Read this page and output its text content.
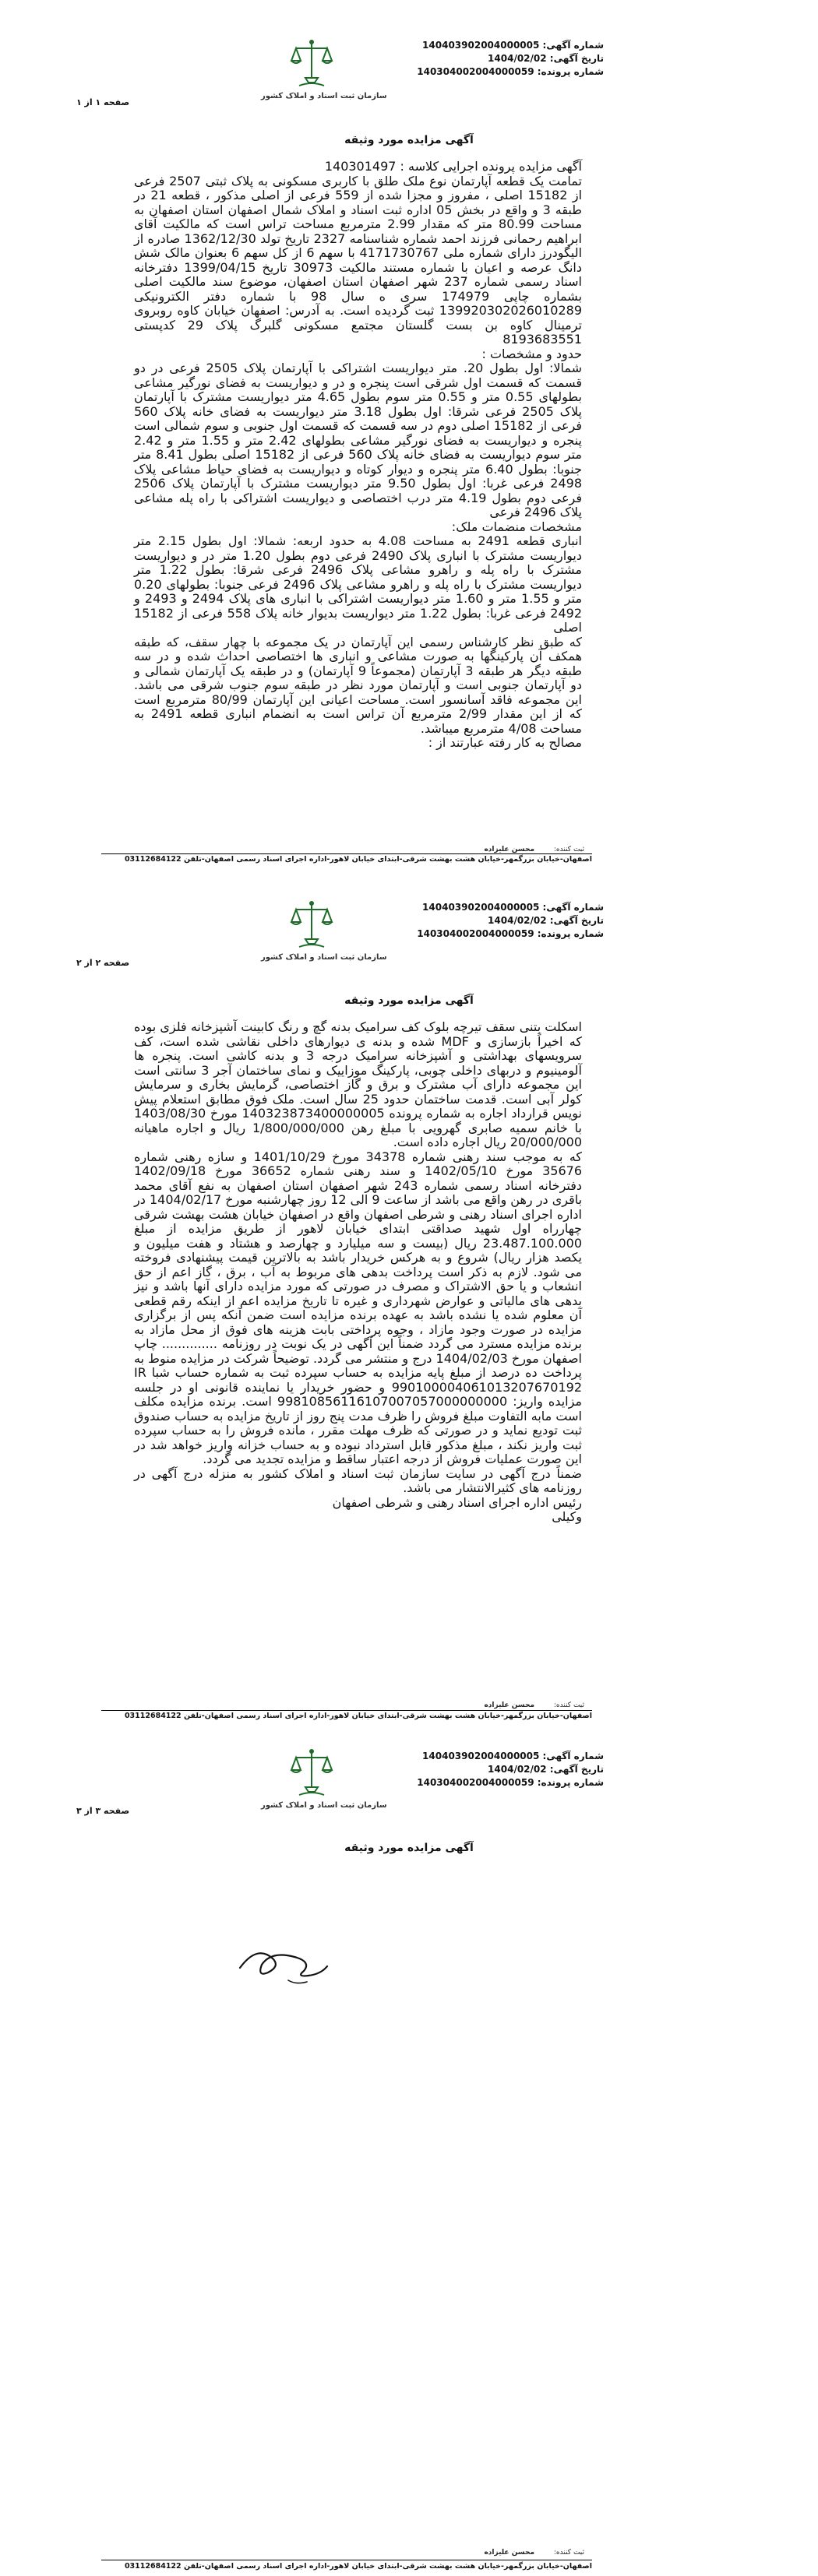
شماره آگهی: 140403902004000005
تاریخ آگهی: 1404/02/02
شماره پرونده: 140304002004000059
سازمان ثبت اسناد و املاک کشور
صفحه ۱ از ۱
آگهی مزایده مورد وثیقه

آگهی مزایده پرونده اجرایی کلاسه : 140301497

تمامت یک قطعه آپارتمان نوع ملک طلق با کاربری مسکونی به پلاک ثبتی 2507 فرعی از 15182 اصلی ، مفروز و مجزا شده از 559 فرعی از اصلی مذکور ، قطعه 21 در طبقه 3 و واقع در بخش 05 اداره ثبت اسناد و املاک شمال اصفهان استان اصفهان به مساحت 80.99 متر که مقدار 2.99 مترمربع مساحت تراس است که مالکیت آقای ابراهیم رحمانی فرزند احمد شماره شناسنامه 2327 تاریخ تولد 1362/12/30 صادره از الیگودرز دارای شماره ملی 4171730767 با سهم 6 از کل سهم 6 بعنوان مالک شش دانگ عرصه و اعیان با شماره مستند مالکیت 30973 تاریخ 1399/04/15 دفترخانه اسناد رسمی شماره 237 شهر اصفهان استان اصفهان، موضوع سند مالکیت اصلی بشماره چاپی 174979 سری ه سال 98 با شماره دفتر الکترونیکی 139920302026010289 ثبت گردیده است. به آدرس: اصفهان خیابان کاوه روبروی ترمینال کاوه بن بست گلستان مجتمع مسکونی گلبرگ پلاک 29 کدپستی 8193683551

حدود و مشخصات :

شمالا: اول بطول 20. متر دیواریست اشتراکی با آپارتمان پلاک 2505 فرعی در دو قسمت که قسمت اول شرقی است پنجره و در و دیواریست به فضای نورگیر مشاعی بطولهای 0.55 متر و 0.55 متر سوم بطول 4.65 متر دیواریست مشترک با آپارتمان پلاک 2505 فرعی شرقا: اول بطول 3.18 متر دیواریست به فضای خانه پلاک 560 فرعی از 15182 اصلی دوم در سه قسمت که قسمت اول جنوبی و سوم شمالی است پنجره و دیواریست به فضای نورگیر مشاعی بطولهای 2.42 متر و 1.55 متر و 2.42 متر سوم دیواریست به فضای خانه پلاک 560 فرعی از 15182 اصلی بطول 8.41 متر جنوبا: بطول 6.40 متر پنجره و دیوار کوتاه و دیواریست به فضای حیاط مشاعی پلاک 2498 فرعی غربا: اول بطول 9.50 متر دیواریست مشترک با آپارتمان پلاک 2506 فرعی دوم بطول 4.19 متر درب اختصاصی و دیواریست اشتراکی با راه پله مشاعی پلاک 2496 فرعی

مشخصات منضمات ملک:

انباری قطعه 2491 به مساحت 4.08 به حدود اربعه: شمالا: اول بطول 2.15 متر دیواریست مشترک با انباری پلاک 2490 فرعی دوم بطول 1.20 متر در و دیواریست مشترک با راه پله و راهرو مشاعی پلاک 2496 فرعی شرقا: بطول 1.22 متر دیواریست مشترک با راه پله و راهرو مشاعی پلاک 2496 فرعی جنوبا: بطولهای 0.20 متر و 1.55 متر و 1.60 متر دیواریست اشتراکی با انباری های پلاک 2494 و 2493 و 2492 فرعی غربا: بطول 1.22 متر دیواریست بدیوار خانه پلاک 558 فرعی از 15182 اصلی

که طبق نظر کارشناس رسمی این آپارتمان در یک مجموعه با چهار سقف، که طبقه همکف آن پارکینگها به صورت مشاعی و انباری ها اختصاصی احداث شده و در سه طبقه دیگر هر طبقه 3 آپارتمان (مجموعاً 9 آپارتمان) و در طبقه یک آپارتمان شمالی و دو آپارتمان جنوبی است و آپارتمان مورد نظر در طبقه سوم جنوب شرقی می باشد. این مجموعه فاقد آسانسور است. مساحت اعیانی این آپارتمان 80/99 مترمربع است که از این مقدار 2/99 مترمربع آن تراس است به انضمام انباری قطعه 2491 به مساحت 4/08 مترمربع میباشد.

مصالح به کار رفته عبارتند از :

ثبت کننده: محسن علیزاده
اصفهان-خیابان بزرگمهر-خیابان هشت بهشت شرقی-ابتدای خیابان لاهور-اداره اجرای اسناد رسمی اصفهان-تلفن 03112684122
شماره آگهی: 140403902004000005
تاریخ آگهی: 1404/02/02
شماره پرونده: 140304002004000059
سازمان ثبت اسناد و املاک کشور
صفحه ۲ از ۲
آگهی مزایده مورد وثیقه

اسکلت بتنی سقف تیرچه بلوک کف سرامیک بدنه گچ و رنگ کابینت آشپزخانه فلزی بوده که اخیراً بازسازی و MDF شده و بدنه ی دیوارهای داخلی نقاشی شده است، کف سرویسهای بهداشتی و آشپزخانه سرامیک درجه 3 و بدنه کاشی است. پنجره ها آلومینیوم و دربهای داخلی چوبی، پارکینگ موزاییک و نمای ساختمان آجر 3 سانتی است این مجموعه دارای آب مشترک و برق و گاز اختصاصی، گرمایش بخاری و سرمایش کولر آبی است. قدمت ساختمان حدود 25 سال است. ملک فوق مطابق استعلام پیش نویس قرارداد اجاره به شماره پرونده 140323873400000005 مورخ 1403/08/30 با خانم سمیه صابری گهرویی با مبلغ رهن 1/800/000/000 ریال و اجاره ماهیانه 20/000/000 ریال اجاره داده است.

که به موجب سند رهنی شماره 34378 مورخ 1401/10/29 و سازه رهنی شماره 35676 مورخ 1402/05/10 و سند رهنی شماره 36652 مورخ 1402/09/18 دفترخانه اسناد رسمی شماره 243 شهر اصفهان استان اصفهان به نفع آقای محمد باقری در رهن واقع می باشد از ساعت 9 الی 12 روز چهارشنبه مورخ 1404/02/17 در اداره اجرای اسناد رهنی و شرطی اصفهان واقع در اصفهان خیابان هشت بهشت شرقی چهارراه اول شهید صداقتی ابتدای خیابان لاهور از طریق مزایده از مبلغ 23.487.100.000 ریال (بیست و سه میلیارد و چهارصد و هشتاد و هفت میلیون و یکصد هزار ریال) شروع و به هرکس خریدار باشد به بالاترین قیمت پیشنهادی فروخته می شود. لازم به ذکر است پرداخت بدهی های مربوط به آب ، برق ، گاز اعم از حق انشعاب و یا حق الاشتراک و مصرف در صورتی که مورد مزایده دارای آنها باشد و نیز بدهی های مالیاتی و عوارض شهرداری و غیره تا تاریخ مزایده اعم از اینکه رقم قطعی آن معلوم شده یا نشده باشد به عهده برنده مزایده است ضمن آنکه پس از برگزاری مزایده در صورت وجود مازاد ، وجوه پرداختی بابت هزینه های فوق از محل مازاد به برنده مزایده مسترد می گردد ضمناً این آگهی در یک نوبت در روزنامه .............. چاپ اصفهان مورخ 1404/02/03 درج و منتشر می گردد. توضیحاً شرکت در مزایده منوط به پرداخت ده درصد از مبلغ پایه مزایده به حساب سپرده ثبت به شماره حساب شبا IR 990100004061013207670192 و حضور خریدار یا نماینده قانونی او در جلسه مزایده واریز: 99810856116107007057000000000 است. برنده مزایده مکلف است مابه التفاوت مبلغ فروش را ظرف مدت پنج روز از تاریخ مزایده به حساب صندوق ثبت تودیع نماید و در صورتی که ظرف مهلت مقرر ، مانده فروش را به حساب سپرده ثبت واریز نکند ، مبلغ مذکور قابل استرداد نبوده و به حساب خزانه واریز خواهد شد در این صورت عملیات فروش از درجه اعتبار ساقط و مزایده تجدید می گردد.

ضمناً درج آگهی در سایت سازمان ثبت اسناد و املاک کشور به منزله درج آگهی در روزنامه های کثیرالانتشار می باشد.

رئیس اداره اجرای اسناد رهنی و شرطی اصفهان

وکیلی

ثبت کننده: محسن علیزاده
اصفهان-خیابان بزرگمهر-خیابان هشت بهشت شرقی-ابتدای خیابان لاهور-اداره اجرای اسناد رسمی اصفهان-تلفن 03112684122
شماره آگهی: 140403902004000005
تاریخ آگهی: 1404/02/02
شماره پرونده: 140304002004000059
سازمان ثبت اسناد و املاک کشور
صفحه ۳ از ۳
آگهی مزایده مورد وثیقه
ثبت کننده: محسن علیزاده
اصفهان-خیابان بزرگمهر-خیابان هشت بهشت شرقی-ابتدای خیابان لاهور-اداره اجرای اسناد رسمی اصفهان-تلفن 03112684122
